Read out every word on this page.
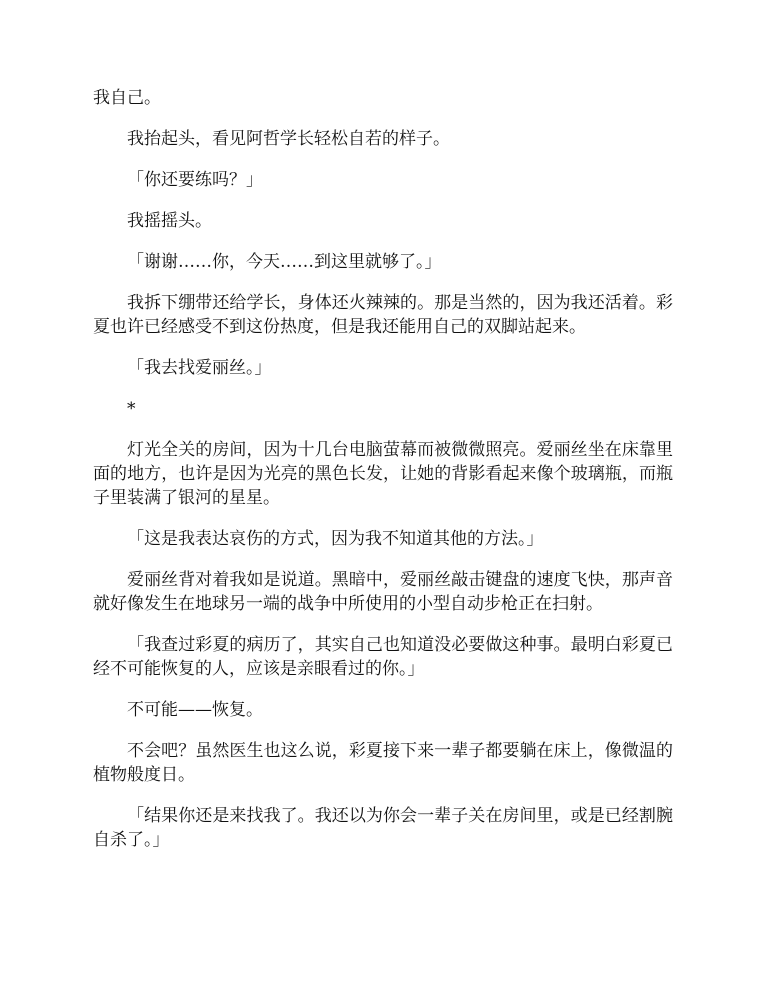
我自己。

我抬起头，看见阿哲学长轻松自若的样子。

「你还要练吗？」

我摇摇头。

「谢谢……你，今天……到这里就够了。」

我拆下绷带还给学长，身体还火辣辣的。那是当然的，因为我还活着。彩夏也许已经感受不到这份热度，但是我还能用自己的双脚站起来。

「我去找爱丽丝。」

*

灯光全关的房间，因为十几台电脑萤幕而被微微照亮。爱丽丝坐在床靠里面的地方，也许是因为光亮的黑色长发，让她的背影看起来像个玻璃瓶，而瓶子里装满了银河的星星。

「这是我表达哀伤的方式，因为我不知道其他的方法。」

爱丽丝背对着我如是说道。黑暗中，爱丽丝敲击键盘的速度飞快，那声音就好像发生在地球另一端的战争中所使用的小型自动步枪正在扫射。

「我查过彩夏的病历了，其实自己也知道没必要做这种事。最明白彩夏已经不可能恢复的人，应该是亲眼看过的你。」

不可能——恢复。

不会吧？虽然医生也这么说，彩夏接下来一辈子都要躺在床上，像微温的植物般度日。

「结果你还是来找我了。我还以为你会一辈子关在房间里，或是已经割腕自杀了。」
